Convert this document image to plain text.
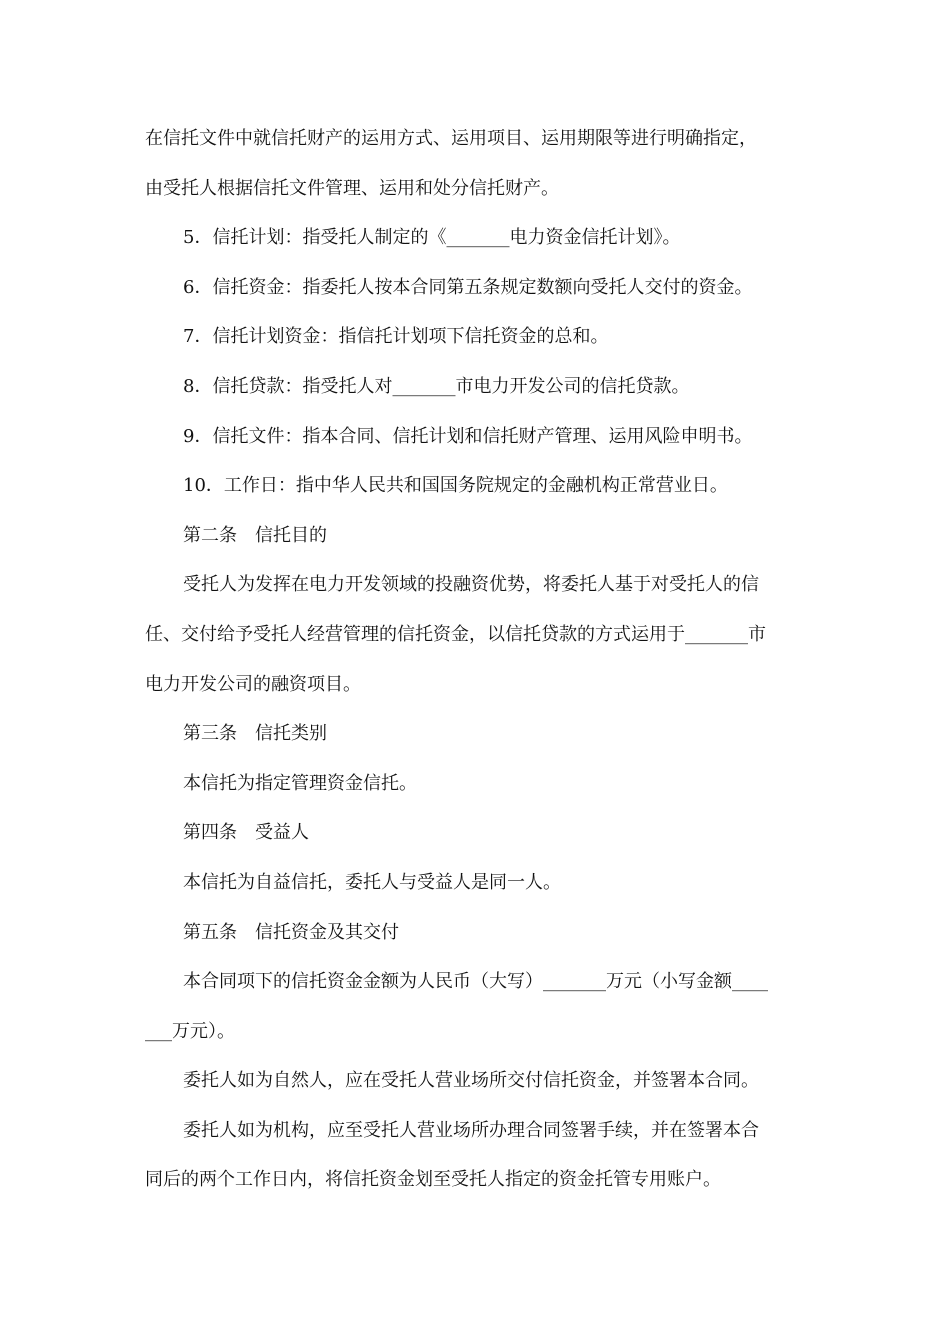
在信托文件中就信托财产的运用方式、运用项目、运用期限等进行明确指定，
由受托人根据信托文件管理、运用和处分信托财产。
5．信托计划：指受托人制定的《_______电力资金信托计划》。
6．信托资金：指委托人按本合同第五条规定数额向受托人交付的资金。
7．信托计划资金：指信托计划项下信托资金的总和。
8．信托贷款：指受托人对_______市电力开发公司的信托贷款。
9．信托文件：指本合同、信托计划和信托财产管理、运用风险申明书。
10．工作日：指中华人民共和国国务院规定的金融机构正常营业日。
第二条　信托目的
受托人为发挥在电力开发领域的投融资优势，将委托人基于对受托人的信
任、交付给予受托人经营管理的信托资金，以信托贷款的方式运用于_______市
电力开发公司的融资项目。
第三条　信托类别
本信托为指定管理资金信托。
第四条　受益人
本信托为自益信托，委托人与受益人是同一人。
第五条　信托资金及其交付
本合同项下的信托资金金额为人民币（大写）_______万元（小写金额____
___万元）。
委托人如为自然人，应在受托人营业场所交付信托资金，并签署本合同。
委托人如为机构，应至受托人营业场所办理合同签署手续，并在签署本合
同后的两个工作日内，将信托资金划至受托人指定的资金托管专用账户。
